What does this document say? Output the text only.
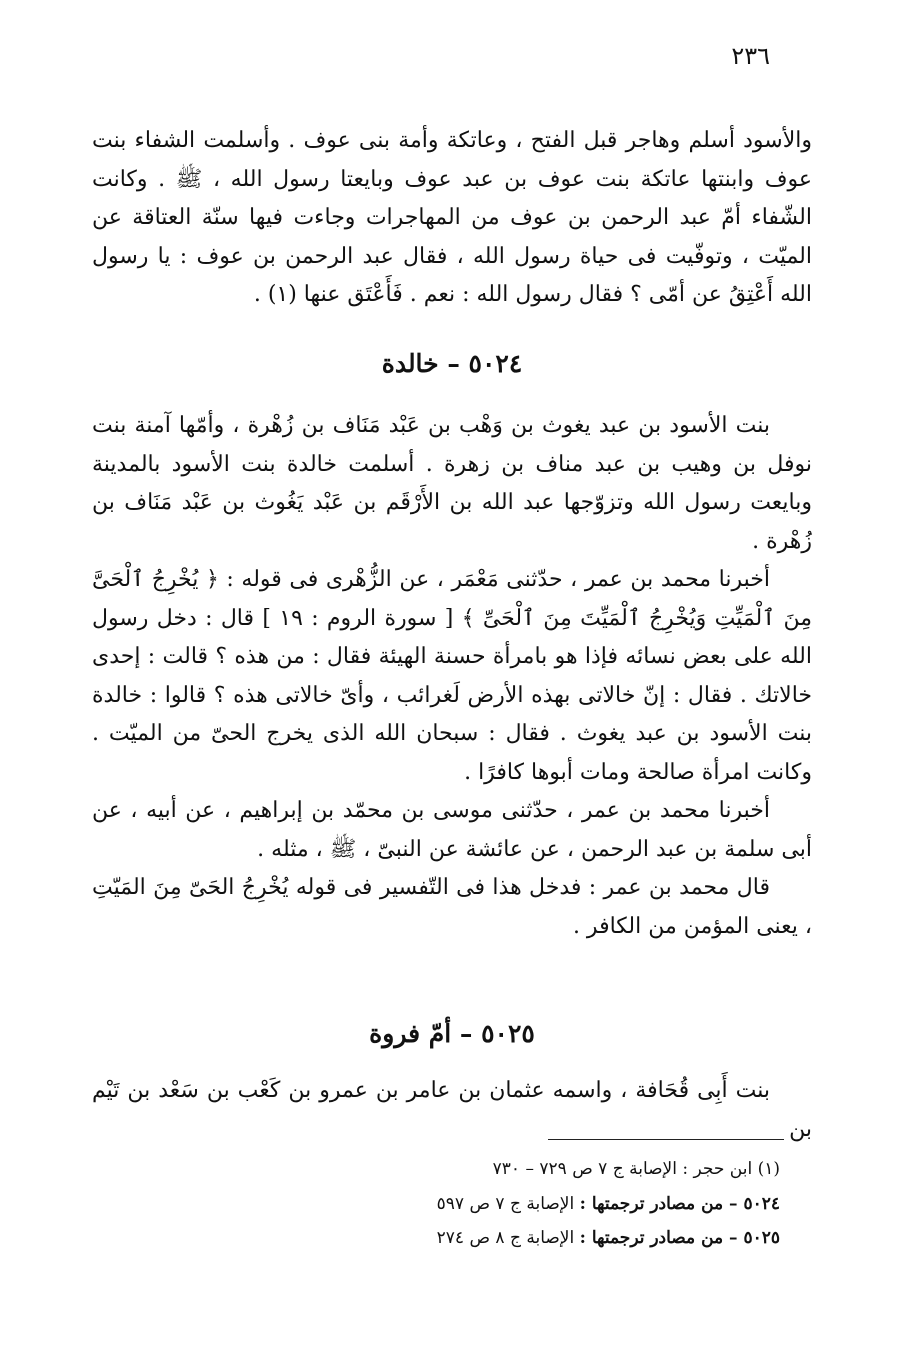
٢٣٦

والأسود أسلم وهاجر قبل الفتح ، وعاتكة وأمة بنى عوف . وأسلمت الشفاء بنت عوف وابنتها عاتكة بنت عوف بن عبد عوف وبايعتا رسول الله ، ﷺ . وكانت الشّفاء أمّ عبد الرحمن بن عوف من المهاجرات وجاءت فيها سنّة العتاقة عن الميّت ، وتوفّيت فى حياة رسول الله ، فقال عبد الرحمن بن عوف : يا رسول الله أَعْتِقُ عن أمّى ؟ فقال رسول الله : نعم . فَأَعْتَق عنها (١) .

٥٠٢٤ – خالدة

بنت الأسود بن عبد يغوث بن وَهْب بن عَبْد مَنَاف بن زُهْرة ، وأمّها آمنة بنت نوفل بن وهيب بن عبد مناف بن زهرة . أسلمت خالدة بنت الأسود بالمدينة وبايعت رسول الله وتزوّجها عبد الله بن الأَرْقَم بن عَبْد يَغُوث بن عَبْد مَنَاف بن زُهْرة .

أخبرنا محمد بن عمر ، حدّثنى مَعْمَر ، عن الزُّهْرى فى قوله : ﴿ يُخْرِجُ ٱلْحَىَّ مِنَ ٱلْمَيِّتِ وَيُخْرِجُ ٱلْمَيِّتَ مِنَ ٱلْحَىِّ ﴾ [ سورة الروم : ١٩ ] قال : دخل رسول الله على بعض نسائه فإذا هو بامرأة حسنة الهيئة فقال : من هذه ؟ قالت : إحدى خالاتك . فقال : إنّ خالاتى بهذه الأرض لَغرائب ، وأىّ خالاتى هذه ؟ قالوا : خالدة بنت الأسود بن عبد يغوث . فقال : سبحان الله الذى يخرج الحىّ من الميّت . وكانت امرأة صالحة ومات أبوها كافرًا .

أخبرنا محمد بن عمر ، حدّثنى موسى بن محمّد بن إبراهيم ، عن أبيه ، عن أبى سلمة بن عبد الرحمن ، عن عائشة عن النبىّ ، ﷺ ، مثله .

قال محمد بن عمر : فدخل هذا فى التّفسير فى قوله يُخْرِجُ الحَىّ مِنَ المَيّتِ ، يعنى المؤمن من الكافر .

٥٠٢٥ – أمّ فروة

بنت أَبِى قُحَافة ، واسمه عثمان بن عامر بن عمرو بن كَعْب بن سَعْد بن تَيْم بن

(١) ابن حجر : الإصابة ج ٧ ص ٧٢٩ – ٧٣٠
٥٠٢٤ – من مصادر ترجمتها : الإصابة ج ٧ ص ٥٩٧
٥٠٢٥ – من مصادر ترجمتها : الإصابة ج ٨ ص ٢٧٤
